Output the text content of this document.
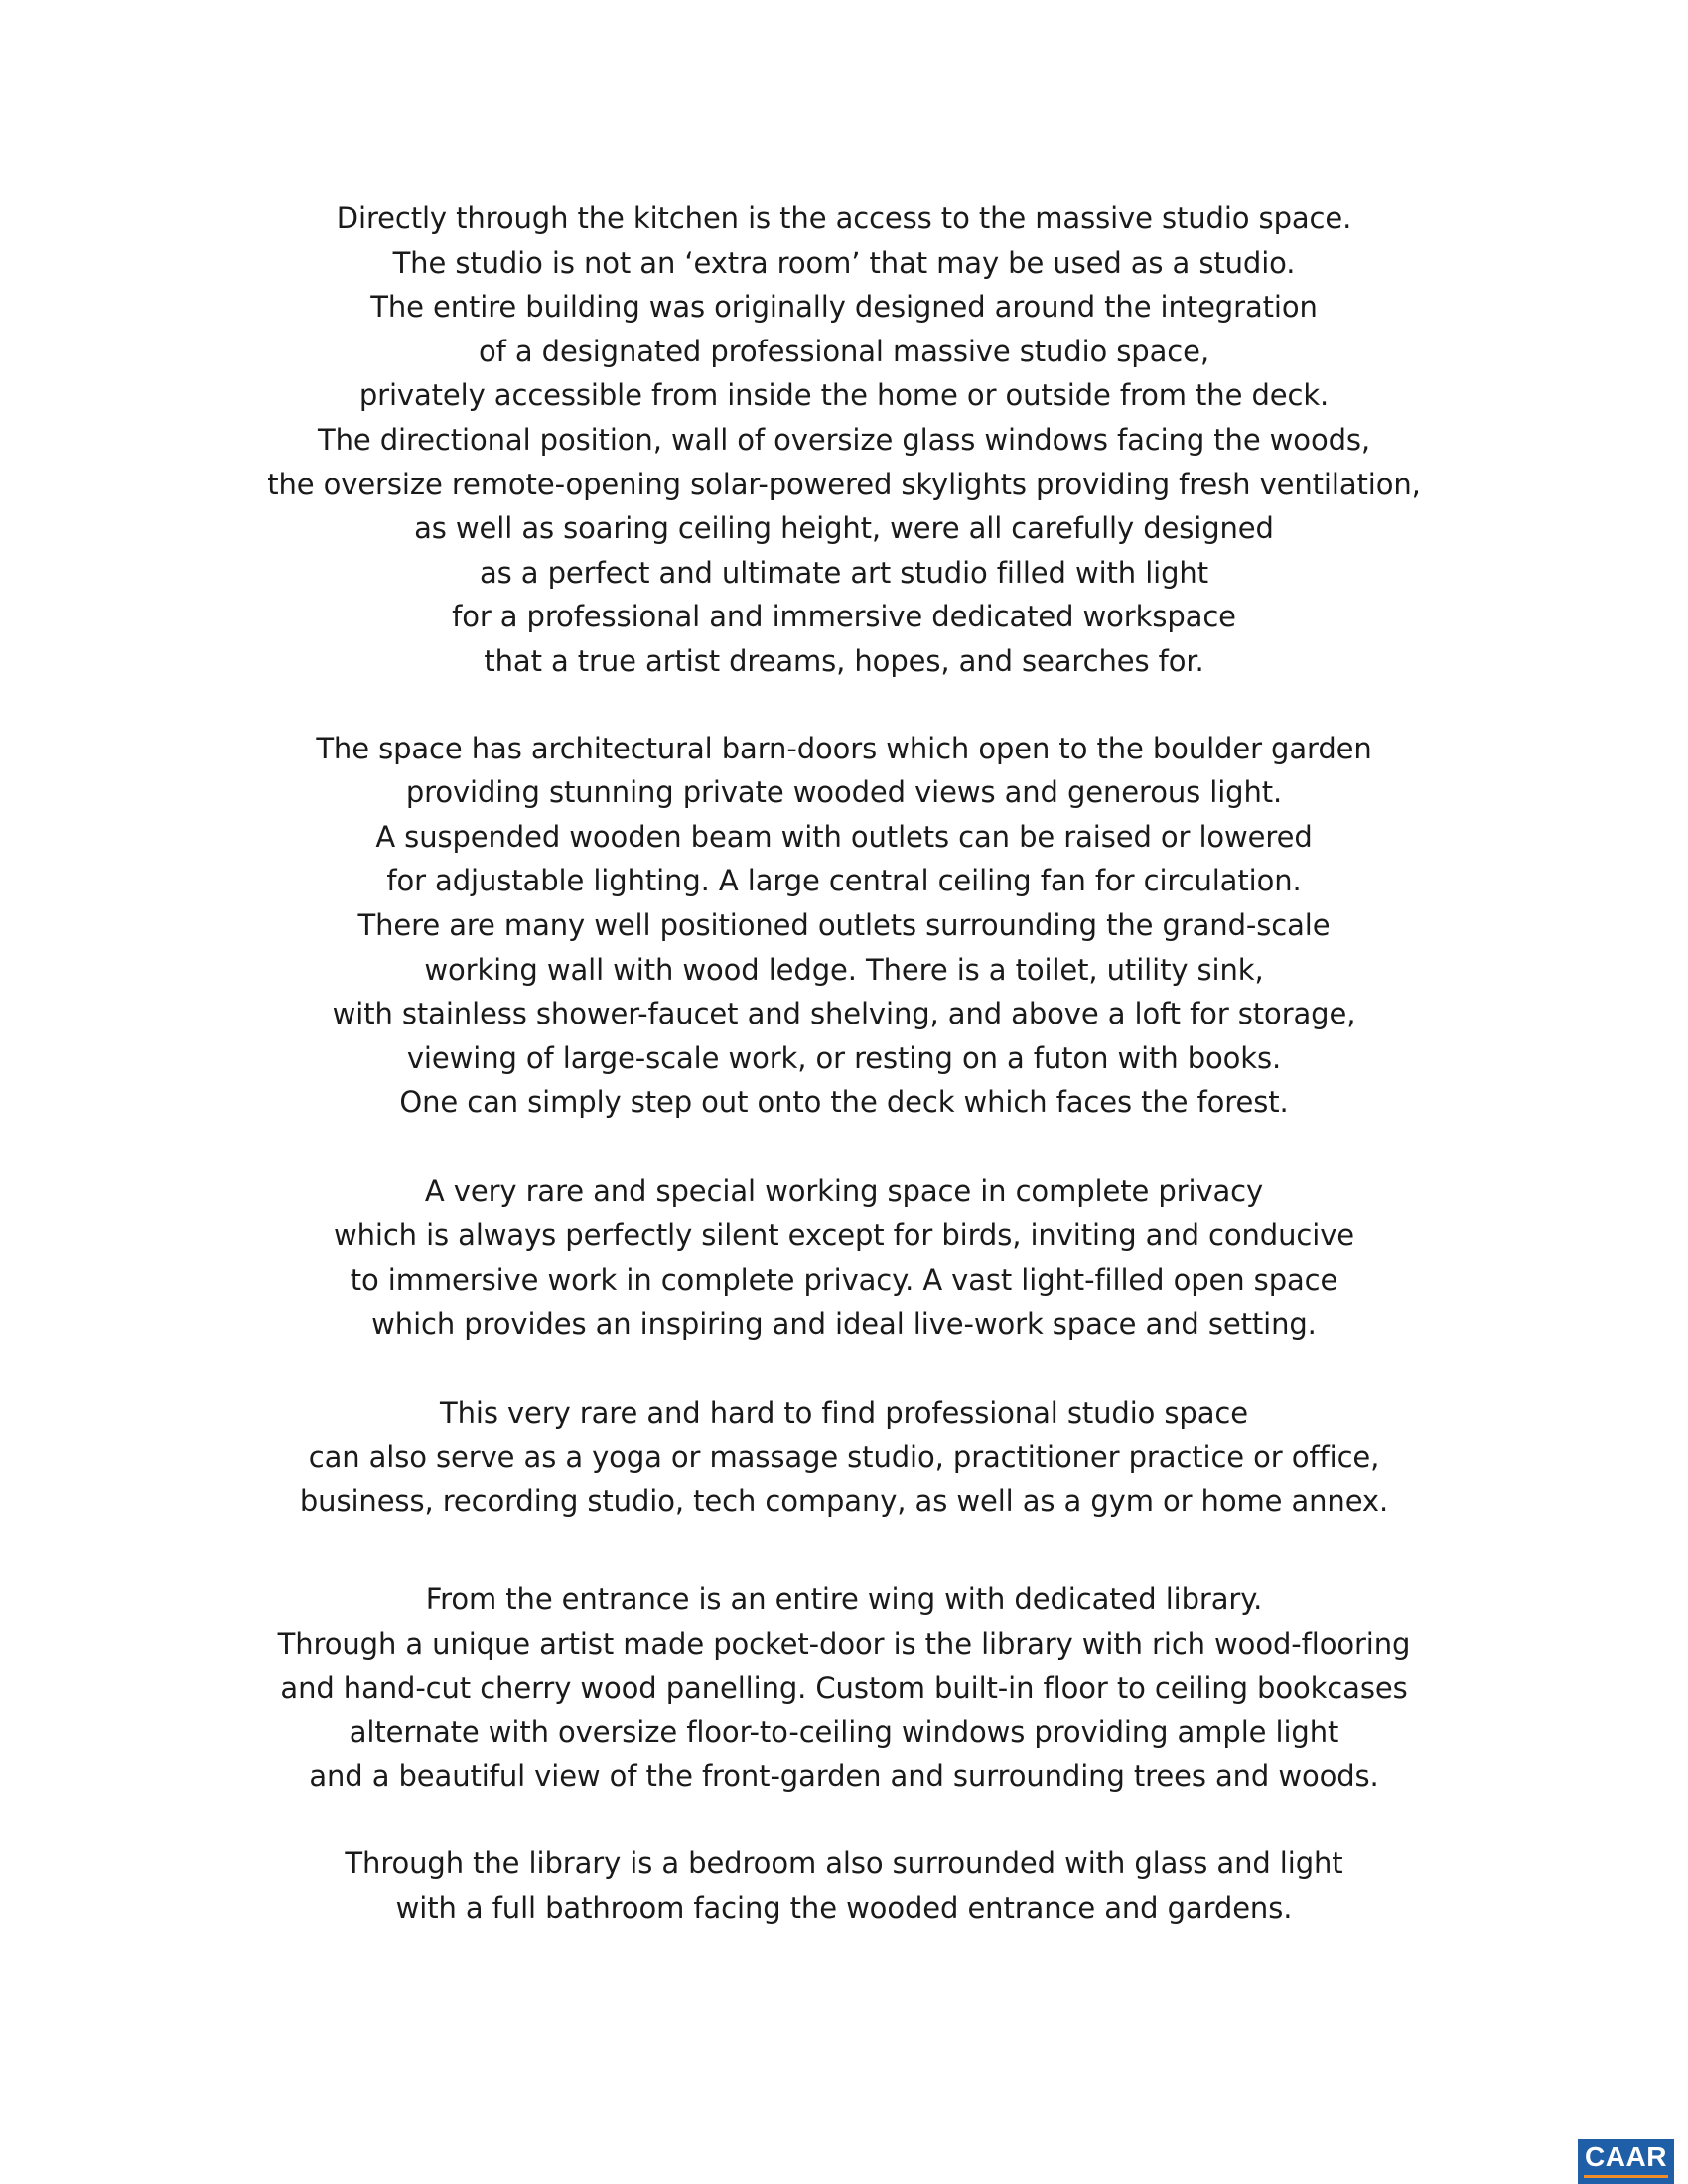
Directly through the kitchen is the access to the massive studio space.
The studio is not an ‘extra room’ that may be used as a studio.
The entire building was originally designed around the integration
of a designated professional massive studio space,
privately accessible from inside the home or outside from the deck.
The directional position, wall of oversize glass windows facing the woods,
the oversize remote-opening solar-powered skylights providing fresh ventilation,
as well as soaring ceiling height, were all carefully designed
as a perfect and ultimate art studio filled with light
for a professional and immersive dedicated workspace
that a true artist dreams, hopes, and searches for.
The space has architectural barn-doors which open to the boulder garden
providing stunning private wooded views and generous light.
A suspended wooden beam with outlets can be raised or lowered
for adjustable lighting. A large central ceiling fan for circulation.
There are many well positioned outlets surrounding the grand-scale
working wall with wood ledge. There is a toilet, utility sink,
with stainless shower-faucet and shelving, and above a loft for storage,
viewing of large-scale work, or resting on a futon with books.
One can simply step out onto the deck which faces the forest.
A very rare and special working space in complete privacy
which is always perfectly silent except for birds, inviting and conducive
to immersive work in complete privacy. A vast light-filled open space
which provides an inspiring and ideal live-work space and setting.
This very rare and hard to find professional studio space
can also serve as a yoga or massage studio, practitioner practice or office,
business, recording studio, tech company, as well as a gym or home annex.
From the entrance is an entire wing with dedicated library.
Through a unique artist made pocket-door is the library with rich wood-flooring
and hand-cut cherry wood panelling. Custom built-in floor to ceiling bookcases
alternate with oversize floor-to-ceiling windows providing ample light
and a beautiful view of the front-garden and surrounding trees and woods.
Through the library is a bedroom also surrounded with glass and light
with a full bathroom facing the wooded entrance and gardens.
CAAR
